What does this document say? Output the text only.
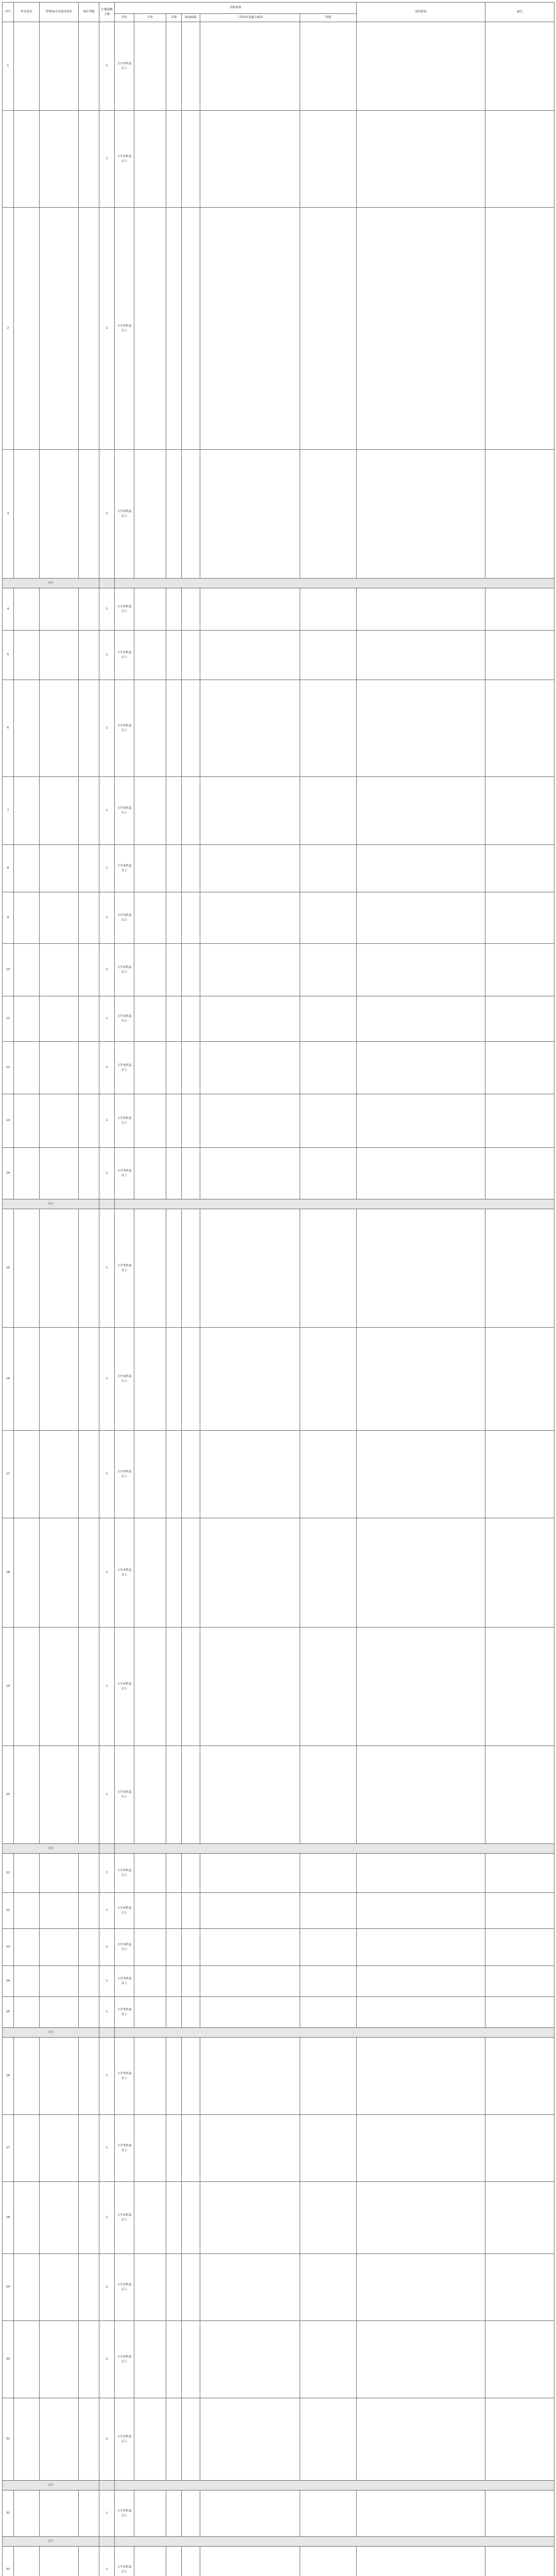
序号	所在处室	管理岗/专业技术岗位	岗位等级	计划招聘人数	任职资格						岗位职责	备注
					学历	专业	年龄	政治面貌	工作经历及能力要求	其他		
1				1	大学本科及以上							
				1	大学本科及以上							
2				1	大学本科及以上							
3				1	大学本科及以上							
小计												
4				1	大学本科及以上							
5				1	大学本科及以上							
6				1	大学本科及以上							
7				1	大学本科及以上							
8				1	大学本科及以上							
9				1	大学本科及以上							
10				1	大学本科及以上							
11				1	大学本科及以上							
12				1	大学本科及以上							
13				1	大学本科及以上							
14				1	大学本科及以上							
小计												
15				1	大学本科及以上							
16				1	大学本科及以上							
17				1	大学本科及以上							
18				1	大学本科及以上							
19				1	大学本科及以上							
20				1	大学本科及以上							
小计												
21				1	大学本科及以上							
22				1	大学本科及以上							
23				1	大学本科及以上							
24				1	大学本科及以上							
25				1	大学本科及以上							
小计												
26				1	大学本科及以上							
27				1	大学本科及以上							
28				1	大学本科及以上							
29				1	大学本科及以上							
30				1	大学本科及以上							
31				1	大学本科及以上							
小计												
32				1	大学本科及以上							
小计												
33				1	大学本科及以上							
